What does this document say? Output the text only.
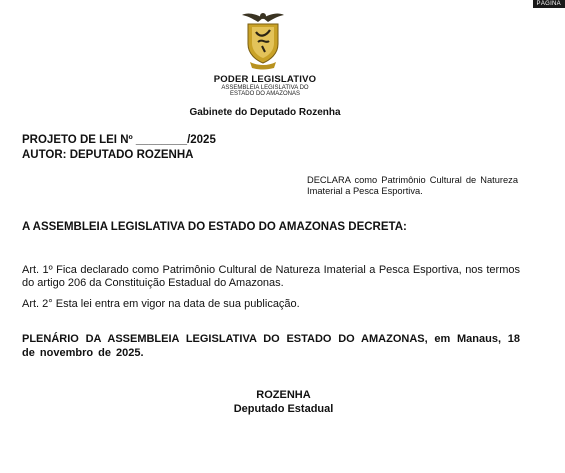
PÁGINA
PODER LEGISLATIVO
ASSEMBLEIA LEGISLATIVA DO
ESTADO DO AMAZONAS
Gabinete do Deputado Rozenha
PROJETO DE LEI Nº ________/2025
AUTOR: DEPUTADO ROZENHA
DECLARA como Patrimônio Cultural de Natureza Imaterial a Pesca Esportiva.
A ASSEMBLEIA LEGISLATIVA DO ESTADO DO AMAZONAS DECRETA:
Art. 1º Fica declarado como Patrimônio Cultural de Natureza Imaterial a Pesca Esportiva, nos termos do artigo 206 da Constituição Estadual do Amazonas.
Art. 2° Esta lei entra em vigor na data de sua publicação.
PLENÁRIO DA ASSEMBLEIA LEGISLATIVA DO ESTADO DO AMAZONAS, em Manaus, 18 de novembro de 2025.
ROZENHA
Deputado Estadual
